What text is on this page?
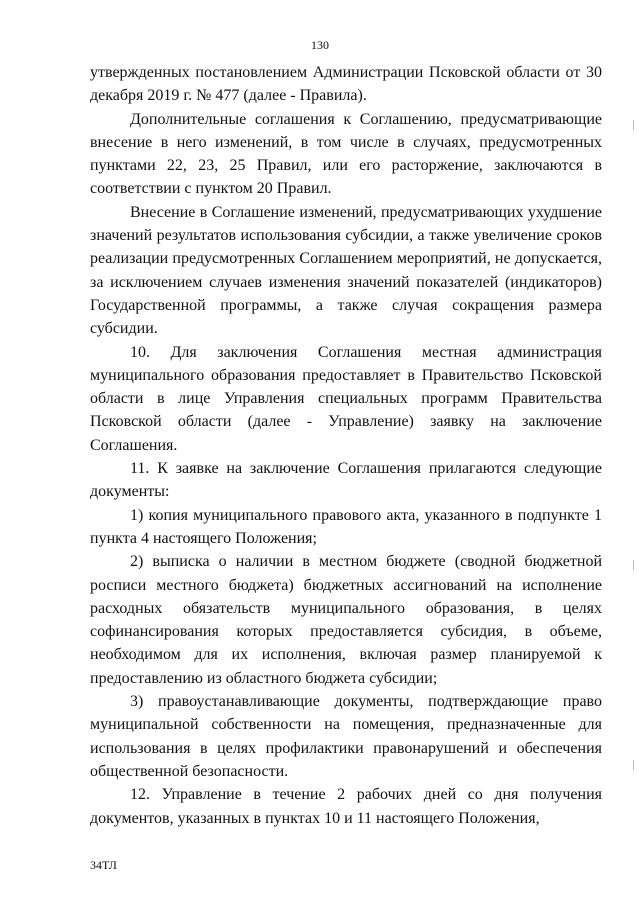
130

утвержденных постановлением Администрации Псковской области от 30 декабря 2019 г. № 477 (далее - Правила).

Дополнительные соглашения к Соглашению, предусматривающие внесение в него изменений, в том числе в случаях, предусмотренных пунктами 22, 23, 25 Правил, или его расторжение, заключаются в соответствии с пунктом 20 Правил.

Внесение в Соглашение изменений, предусматривающих ухудшение значений результатов использования субсидии, а также увеличение сроков реализации предусмотренных Соглашением мероприятий, не допускается, за исключением случаев изменения значений показателей (индикаторов) Государственной программы, а также случая сокращения размера субсидии.

10. Для заключения Соглашения местная администрация муниципального образования предоставляет в Правительство Псковской области в лице Управления специальных программ Правительства Псковской области (далее - Управление) заявку на заключение Соглашения.

11. К заявке на заключение Соглашения прилагаются следующие документы:

1) копия муниципального правового акта, указанного в подпункте 1 пункта 4 настоящего Положения;

2) выписка о наличии в местном бюджете (сводной бюджетной росписи местного бюджета) бюджетных ассигнований на исполнение расходных обязательств муниципального образования, в целях софинансирования которых предоставляется субсидия, в объеме, необходимом для их исполнения, включая размер планируемой к предоставлению из областного бюджета субсидии;

3) правоустанавливающие документы, подтверждающие право муниципальной собственности на помещения, предназначенные для использования в целях профилактики правонарушений и обеспечения общественной безопасности.

12. Управление в течение 2 рабочих дней со дня получения документов, указанных в пунктах 10 и 11 настоящего Положения,

34ТЛ
